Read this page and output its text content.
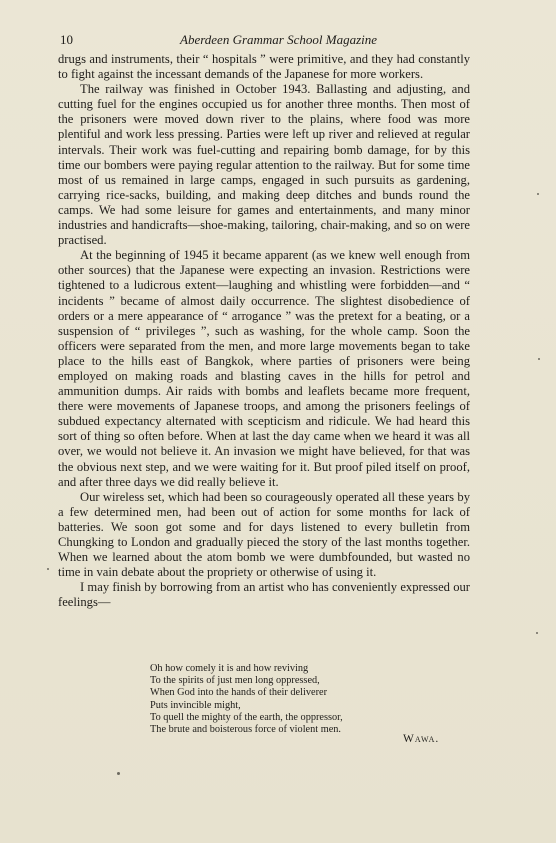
10	Aberdeen Grammar School Magazine

drugs and instruments, their “ hospitals ” were primitive, and they had constantly to fight against the incessant demands of the Japanese for more workers.

The railway was finished in October 1943. Ballasting and adjusting, and cutting fuel for the engines occupied us for another three months. Then most of the prisoners were moved down river to the plains, where food was more plentiful and work less pressing. Parties were left up river and relieved at regular intervals. Their work was fuel-cutting and repairing bomb damage, for by this time our bombers were paying regular attention to the railway. But for some time most of us remained in large camps, engaged in such pursuits as gardening, carrying rice-sacks, building, and making deep ditches and bunds round the camps. We had some leisure for games and entertainments, and many minor industries and handicrafts—shoe-making, tailoring, chair-making, and so on were practised.

At the beginning of 1945 it became apparent (as we knew well enough from other sources) that the Japanese were expecting an invasion. Restrictions were tightened to a ludicrous extent—laughing and whistling were forbidden—and “ incidents ” became of almost daily occurrence. The slightest disobedience of orders or a mere appearance of “ arrogance ” was the pretext for a beating, or a suspension of “ privileges ”, such as washing, for the whole camp. Soon the officers were separated from the men, and more large movements began to take place to the hills east of Bangkok, where parties of prisoners were being employed on making roads and blasting caves in the hills for petrol and ammunition dumps. Air raids with bombs and leaflets became more frequent, there were movements of Japanese troops, and among the prisoners feelings of subdued expectancy alternated with scepticism and ridicule. We had heard this sort of thing so often before. When at last the day came when we heard it was all over, we would not believe it. An invasion we might have believed, for that was the obvious next step, and we were waiting for it. But proof piled itself on proof, and after three days we did really believe it.

Our wireless set, which had been so courageously operated all these years by a few determined men, had been out of action for some months for lack of batteries. We soon got some and for days listened to every bulletin from Chungking to London and gradually pieced the story of the last months together. When we learned about the atom bomb we were dumbfounded, but wasted no time in vain debate about the propriety or otherwise of using it.

I may finish by borrowing from an artist who has conveniently expressed our feelings—

Oh how comely it is and how reviving
To the spirits of just men long oppressed,
When God into the hands of their deliverer
Puts invincible might,
To quell the mighty of the earth, the oppressor,
The brute and boisterous force of violent men.
Wawa.
